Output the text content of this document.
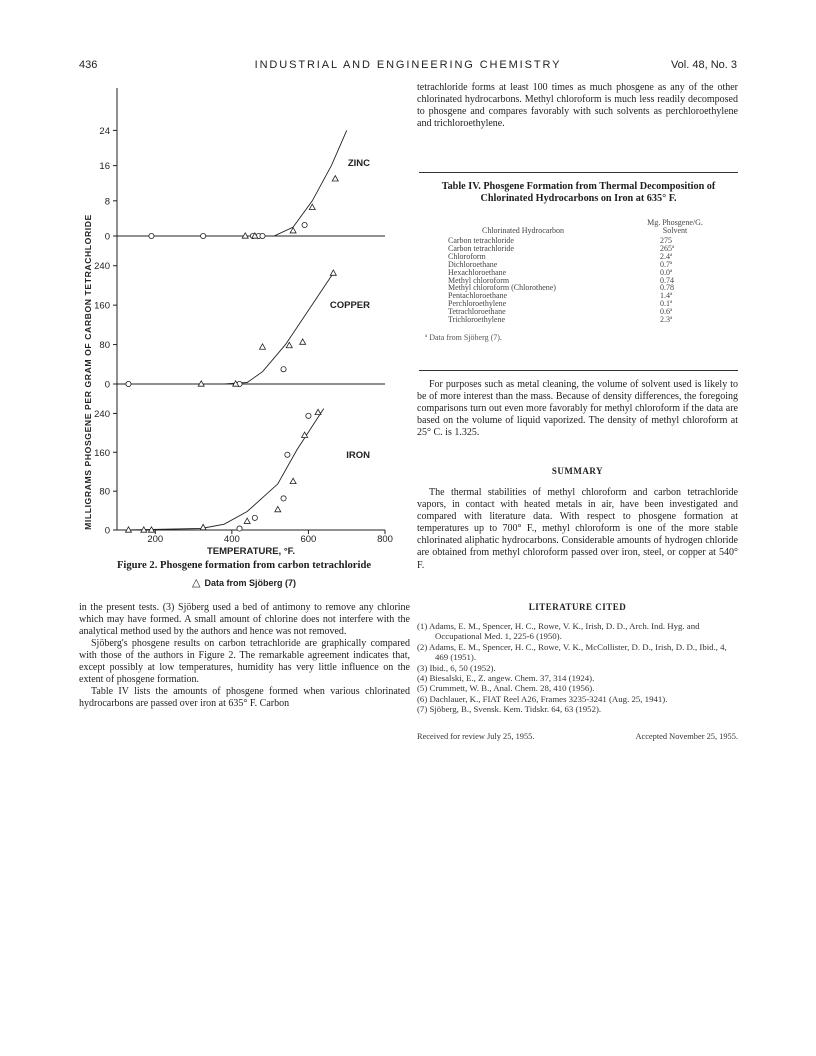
436	INDUSTRIAL AND ENGINEERING CHEMISTRY	Vol. 48, No. 3
0
8
16
24
ZINC
0
80
160
240
COPPER
0
80
160
240
200	400	600	800
IRON
MILLIGRAMS PHOSGENE PER GRAM OF CARBON TETRACHLORIDE
TEMPERATURE, °F.
Figure 2. Phosgene formation from carbon tetrachloride
△ Data from Sjöberg (7)

in the present tests. (3) Sjöberg used a bed of antimony to remove any chlorine which may have formed. A small amount of chlorine does not interfere with the analytical method used by the authors and hence was not removed.

Sjöberg's phosgene results on carbon tetrachloride are graphically compared with those of the authors in Figure 2. The remarkable agreement indicates that, except possibly at low temperatures, humidity has very little influence on the extent of phosgene formation.

Table IV lists the amounts of phosgene formed when various chlorinated hydrocarbons are passed over iron at 635° F. Carbon

tetrachloride forms at least 100 times as much phosgene as any of the other chlorinated hydrocarbons. Methyl chloroform is much less readily decomposed to phosgene and compares favorably with such solvents as perchloroethylene and trichloroethylene.

Table IV. Phosgene Formation from Thermal Decomposition of Chlorinated Hydrocarbons on Iron at 635° F.
Chlorinated Hydrocarbon
Mg. Phosgene/G. Solvent
Carbon tetrachloride	275
Carbon tetrachloride	265ª
Chloroform	2.4ª
Dichloroethane	0.7ª
Hexachloroethane	0.0ª
Methyl chloroform	0.74
Methyl chloroform (Chlorothene)	0.78
Pentachloroethane	1.4ª
Perchloroethylene	0.1ª
Tetrachloroethane	0.6ª
Trichloroethylene	2.3ª
ª Data from Sjöberg (7).

For purposes such as metal cleaning, the volume of solvent used is likely to be of more interest than the mass. Because of density differences, the foregoing comparisons turn out even more favorably for methyl chloroform if the data are based on the volume of liquid vaporized. The density of methyl chloroform at 25° C. is 1.325.

SUMMARY

The thermal stabilities of methyl chloroform and carbon tetrachloride vapors, in contact with heated metals in air, have been investigated and compared with literature data. With respect to phosgene formation at temperatures up to 700° F., methyl chloroform is one of the more stable chlorinated aliphatic hydrocarbons. Considerable amounts of hydrogen chloride are obtained from methyl chloroform passed over iron, steel, or copper at 540° F.

LITERATURE CITED
(1) Adams, E. M., Spencer, H. C., Rowe, V. K., Irish, D. D., Arch. Ind. Hyg. and Occupational Med. 1, 225-6 (1950).
(2) Adams, E. M., Spencer, H. C., Rowe, V. K., McCollister, D. D., Irish, D. D., Ibid., 4, 469 (1951).
(3) Ibid., 6, 50 (1952).
(4) Biesalski, E., Z. angew. Chem. 37, 314 (1924).
(5) Crummett, W. B., Anal. Chem. 28, 410 (1956).
(6) Dachlauer, K., FIAT Reel A26, Frames 3235-3241 (Aug. 25, 1941).
(7) Sjöberg, B., Svensk. Kem. Tidskr. 64, 63 (1952).
Received for review July 25, 1955.	Accepted November 25, 1955.
